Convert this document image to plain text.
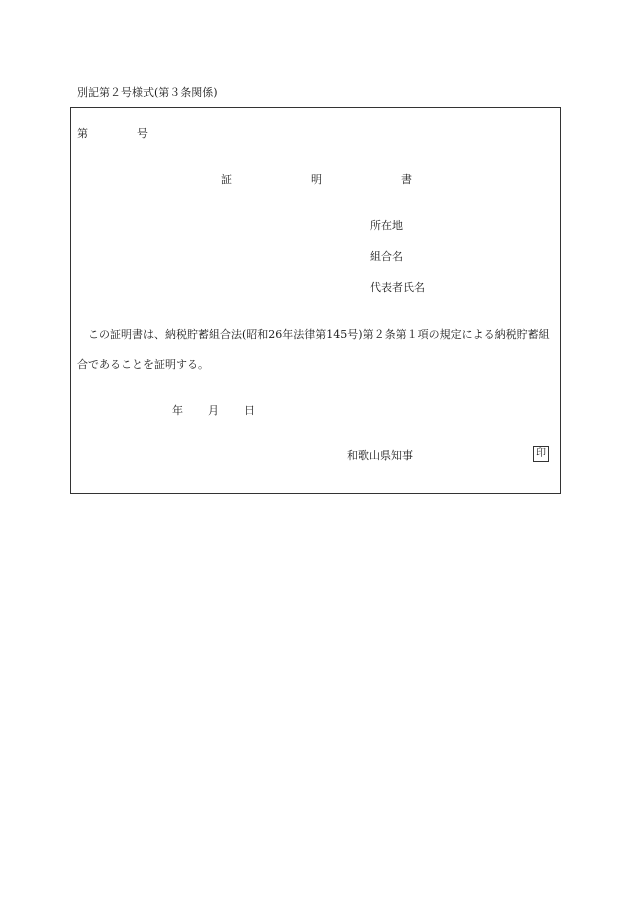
別記第２号様式(第３条関係)
第	号
証	明	書
所在地
組合名
代表者氏名
この証明書は、納税貯蓄組合法(昭和26年法律第145号)第２条第１項の規定による納税貯蓄組合であることを証明する。
年 月 日
和歌山県知事	印
